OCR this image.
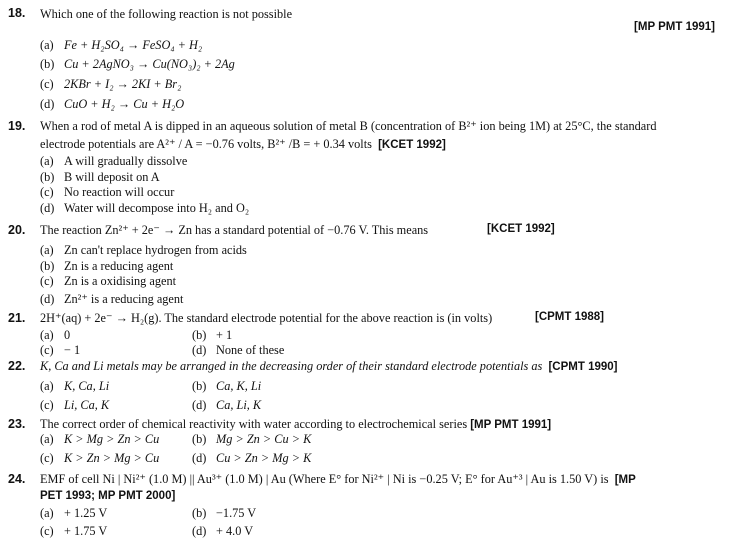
18. Which one of the following reaction is not possible
[MP PMT 1991]
(a) Fe + H₂SO₄ → FeSO₄ + H₂
(b) Cu + 2AgNO₃ → Cu(NO₃)₂ + 2Ag
(c) 2KBr + I₂ → 2KI + Br₂
(d) CuO + H₂ → Cu + H₂O
19. When a rod of metal A is dipped in an aqueous solution of metal B (concentration of B²⁺ ion being 1M) at 25°C, the standard
electrode potentials are A²⁺ / A = −0.76 volts, B²⁺ /B = + 0.34 volts [KCET 1992]
(a) A will gradually dissolve
(b) B will deposit on A
(c) No reaction will occur
(d) Water will decompose into H₂ and O₂
20. The reaction Zn²⁺ + 2e⁻ → Zn has a standard potential of −0.76 V. This means	[KCET 1992]
(a) Zn can't replace hydrogen from acids
(b) Zn is a reducing agent
(c) Zn is a oxidising agent
(d) Zn²⁺ is a reducing agent
21. 2H⁺(aq) + 2e⁻ → H₂(g). The standard electrode potential for the above reaction is (in volts)	[CPMT 1988]
(a) 0	(b) + 1
(c) − 1	(d) None of these
22. K, Ca and Li metals may be arranged in the decreasing order of their standard electrode potentials as [CPMT 1990]
(a) K, Ca, Li	(b) Ca, K, Li
(c) Li, Ca, K	(d) Ca, Li, K
23. The correct order of chemical reactivity with water according to electrochemical series [MP PMT 1991]
(a) K > Mg > Zn > Cu	(b) Mg > Zn > Cu > K
(c) K > Zn > Mg > Cu	(d) Cu > Zn > Mg > K
24. EMF of cell Ni | Ni²⁺ (1.0 M) || Au³⁺ (1.0 M) | Au (Where E° for Ni²⁺ | Ni is −0.25 V; E° for Au⁺³ | Au is 1.50 V) is [MP
PET 1993; MP PMT 2000]
(a) + 1.25 V	(b) −1.75 V
(c) + 1.75 V	(d) + 4.0 V
